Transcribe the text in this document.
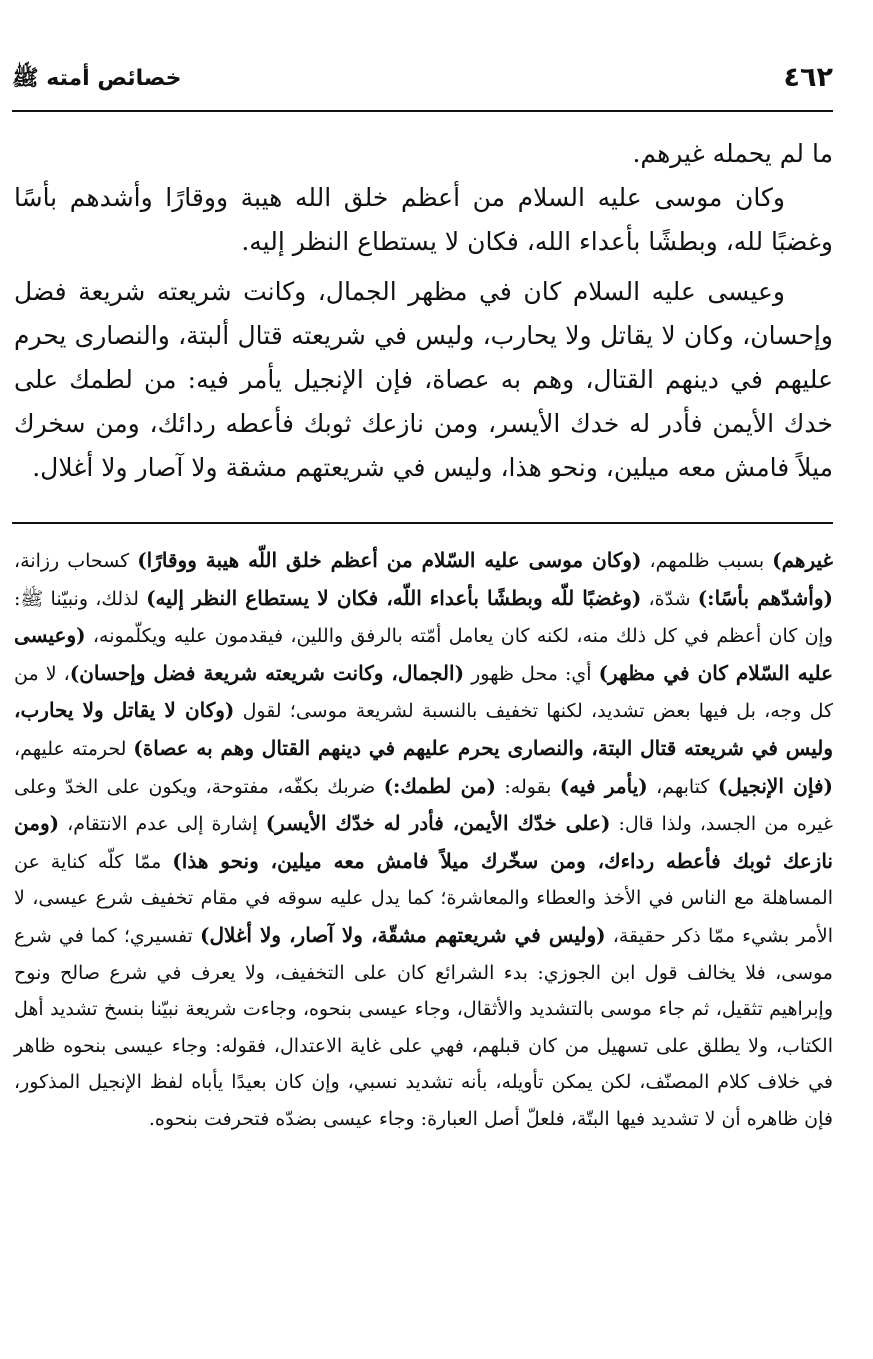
٤٦٢
خصائص أمته ﷺ

ما لم يحمله غيرهم.

وكان موسى عليه السلام من أعظم خلق الله هيبة ووقارًا وأشدهم بأسًا وغضبًا لله، وبطشًا بأعداء الله، فكان لا يستطاع النظر إليه.

وعيسى عليه السلام كان في مظهر الجمال، وكانت شريعته شريعة فضل وإحسان، وكان لا يقاتل ولا يحارب، وليس في شريعته قتال ألبتة، والنصارى يحرم عليهم في دينهم القتال، وهم به عصاة، فإن الإنجيل يأمر فيه: من لطمك على خدك الأيمن فأدر له خدك الأيسر، ومن نازعك ثوبك فأعطه ردائك، ومن سخرك ميلاً فامش معه ميلين، ونحو هذا، وليس في شريعتهم مشقة ولا آصار ولا أغلال.

غيرهم) بسبب ظلمهم، (وكان موسى عليه السّلام من أعظم خلق اللّه هيبة ووقارًا) كسحاب رزانة، (وأشدّهم بأسًا:) شدّة، (وغضبًا للّه وبطشًا بأعداء اللّه، فكان لا يستطاع النظر إليه) لذلك، ونبيّنا ﷺ: وإن كان أعظم في كل ذلك منه، لكنه كان يعامل أمّته بالرفق واللين، فيقدمون عليه ويكلّمونه، (وعيسى عليه السّلام كان في مظهر) أي: محل ظهور (الجمال، وكانت شريعته شريعة فضل وإحسان)، لا من كل وجه، بل فيها بعض تشديد، لكنها تخفيف بالنسبة لشريعة موسى؛ لقول (وكان لا يقاتل ولا يحارب، وليس في شريعته قتال البتة، والنصارى يحرم عليهم في دينهم القتال وهم به عصاة) لحرمته عليهم، (فإن الإنجيل) كتابهم، (يأمر فيه) بقوله: (من لطمك:) ضربك بكفّه، مفتوحة، ويكون على الخدّ وعلى غيره من الجسد، ولذا قال: (على خدّك الأيمن، فأدر له خدّك الأيسر) إشارة إلى عدم الانتقام، (ومن نازعك ثوبك فأعطه رداءك، ومن سخّرك ميلاً فامش معه ميلين، ونحو هذا) ممّا كلّه كناية عن المساهلة مع الناس في الأخذ والعطاء والمعاشرة؛ كما يدل عليه سوقه في مقام تخفيف شرع عيسى، لا الأمر بشيء ممّا ذكر حقيقة، (وليس في شريعتهم مشقّة، ولا آصار، ولا أغلال) تفسيري؛ كما في شرع موسى، فلا يخالف قول ابن الجوزي: بدء الشرائع كان على التخفيف، ولا يعرف في شرع صالح ونوح وإبراهيم تثقيل، ثم جاء موسى بالتشديد والأثقال، وجاء عيسى بنحوه، وجاءت شريعة نبيّنا بنسخ تشديد أهل الكتاب، ولا يطلق على تسهيل من كان قبلهم، فهي على غاية الاعتدال، فقوله: وجاء عيسى بنحوه ظاهر في خلاف كلام المصنّف، لكن يمكن تأويله، بأنه تشديد نسبي، وإن كان بعيدًا يأباه لفظ الإنجيل المذكور، فإن ظاهره أن لا تشديد فيها البتّة، فلعلّ أصل العبارة: وجاء عيسى بضدّه فتحرفت بنحوه.
